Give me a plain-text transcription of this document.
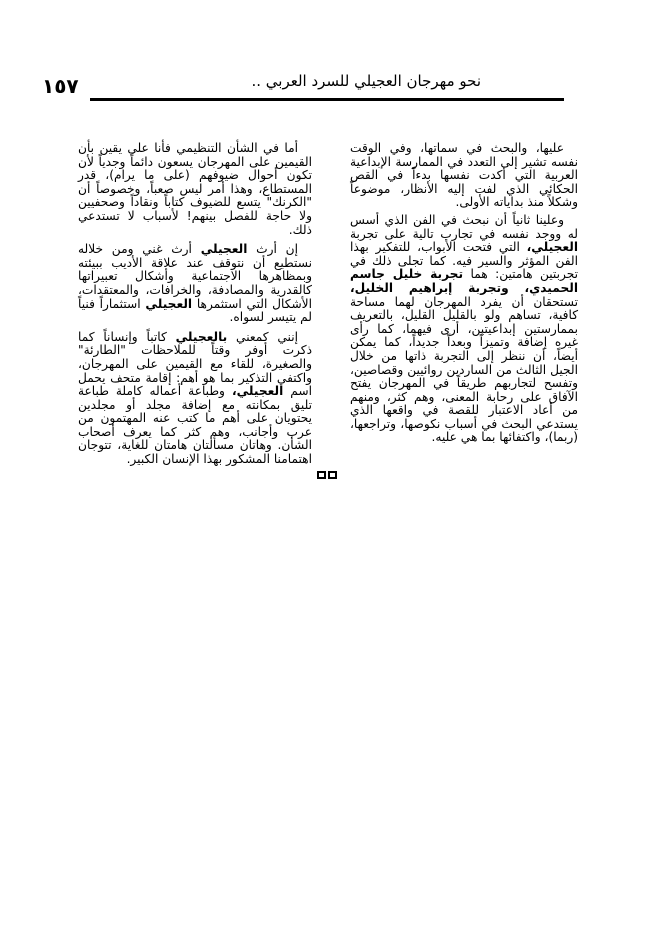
١٥٧	نحو مهرجان العجيلي للسرد العربي ..

عليها، والبحث في سماتها، وفي الوقت نفسه تشير إلى التعدد في الممارسة الإبداعية العربية التي أكدت نفسها بدءاً في القص الحكائي الذي لفت إليه الأنظار، موضوعاً وشكلاً منذ بداياته الأولى.

وعلينا ثانياً أن نبحث في الفن الذي أسس له ووجد نفسه في تجارب تالية على تجربة العجيلي، التي فتحت الأبواب، للتفكير بهذا الفن المؤثر والسير فيه. كما تجلى ذلك في تجربتين هامتين: هما تجربة خليل جاسم الحميدي، وتجربة إبراهيم الخليل، تستحقان أن يفرد المهرجان لهما مساحة كافية، تساهم ولو بالقليل القليل، بالتعريف بممارستين إبداعيتين، أرى فيهما، كما رأى غيره إضافة وتميزاً وبعداً جديداً، كما يمكن أيضاً، أن ننظر إلى التجربة ذاتها من خلال الجيل الثالث من الساردين روائيين وقصاصين، وتفسح لتجاربهم طريقاً في المهرجان يفتح الآفاق على رحابة المعنى، وهم كثر، ومنهم من أعاد الاعتبار للقصة في واقعها الذي يستدعي البحث في أسباب نكوصها، وتراجعها، (ربما)، واكتفائها بما هي عليه.

أما في الشأن التنظيمي فأنا على يقين بأن القيمين على المهرجان يسعون دائماً وجدياً لأن تكون أحوال ضيوفهم (على ما يرام)، قدر المستطاع، وهذا أمر ليس صعباً، وخصوصاً أن "الكرنك" يتسع للضيوف كتاباً ونقاداً وصحفيين ولا حاجة للفصل بينهم! لأسباب لا تستدعي ذلك.

إن أرث العجيلي أرث غني ومن خلاله نستطيع أن نتوقف عند علاقة الأديب ببيئته وبمظاهرها الاجتماعية وأشكال تعبيراتها كالقدرية والمصادفة، والخرافات، والمعتقدات، الأشكال التي استثمرها العجيلي استثماراً فنياً لم يتيسر لسواه.

إنني كمعني بالعجيلي كاتباً وإنساناً كما ذكرت أوفر وقتاً للملاحظات "الطارئة" والصغيرة، للقاء مع القيمين على المهرجان، واكتفي التذكير بما هو أهم: إقامة متحف يحمل اسم العجيلي، وطباعة أعماله كاملة طباعة تليق بمكانته مع إضافة مجلد أو مجلدين يحتويان على أهم ما كتب عنه المهتمون من عرب وأجانب، وهم كثر كما يعرف أصحاب الشأن. وهاتان مسألتان هامتان للغاية، تتوجان اهتمامنا المشكور بهذا الإنسان الكبير.
